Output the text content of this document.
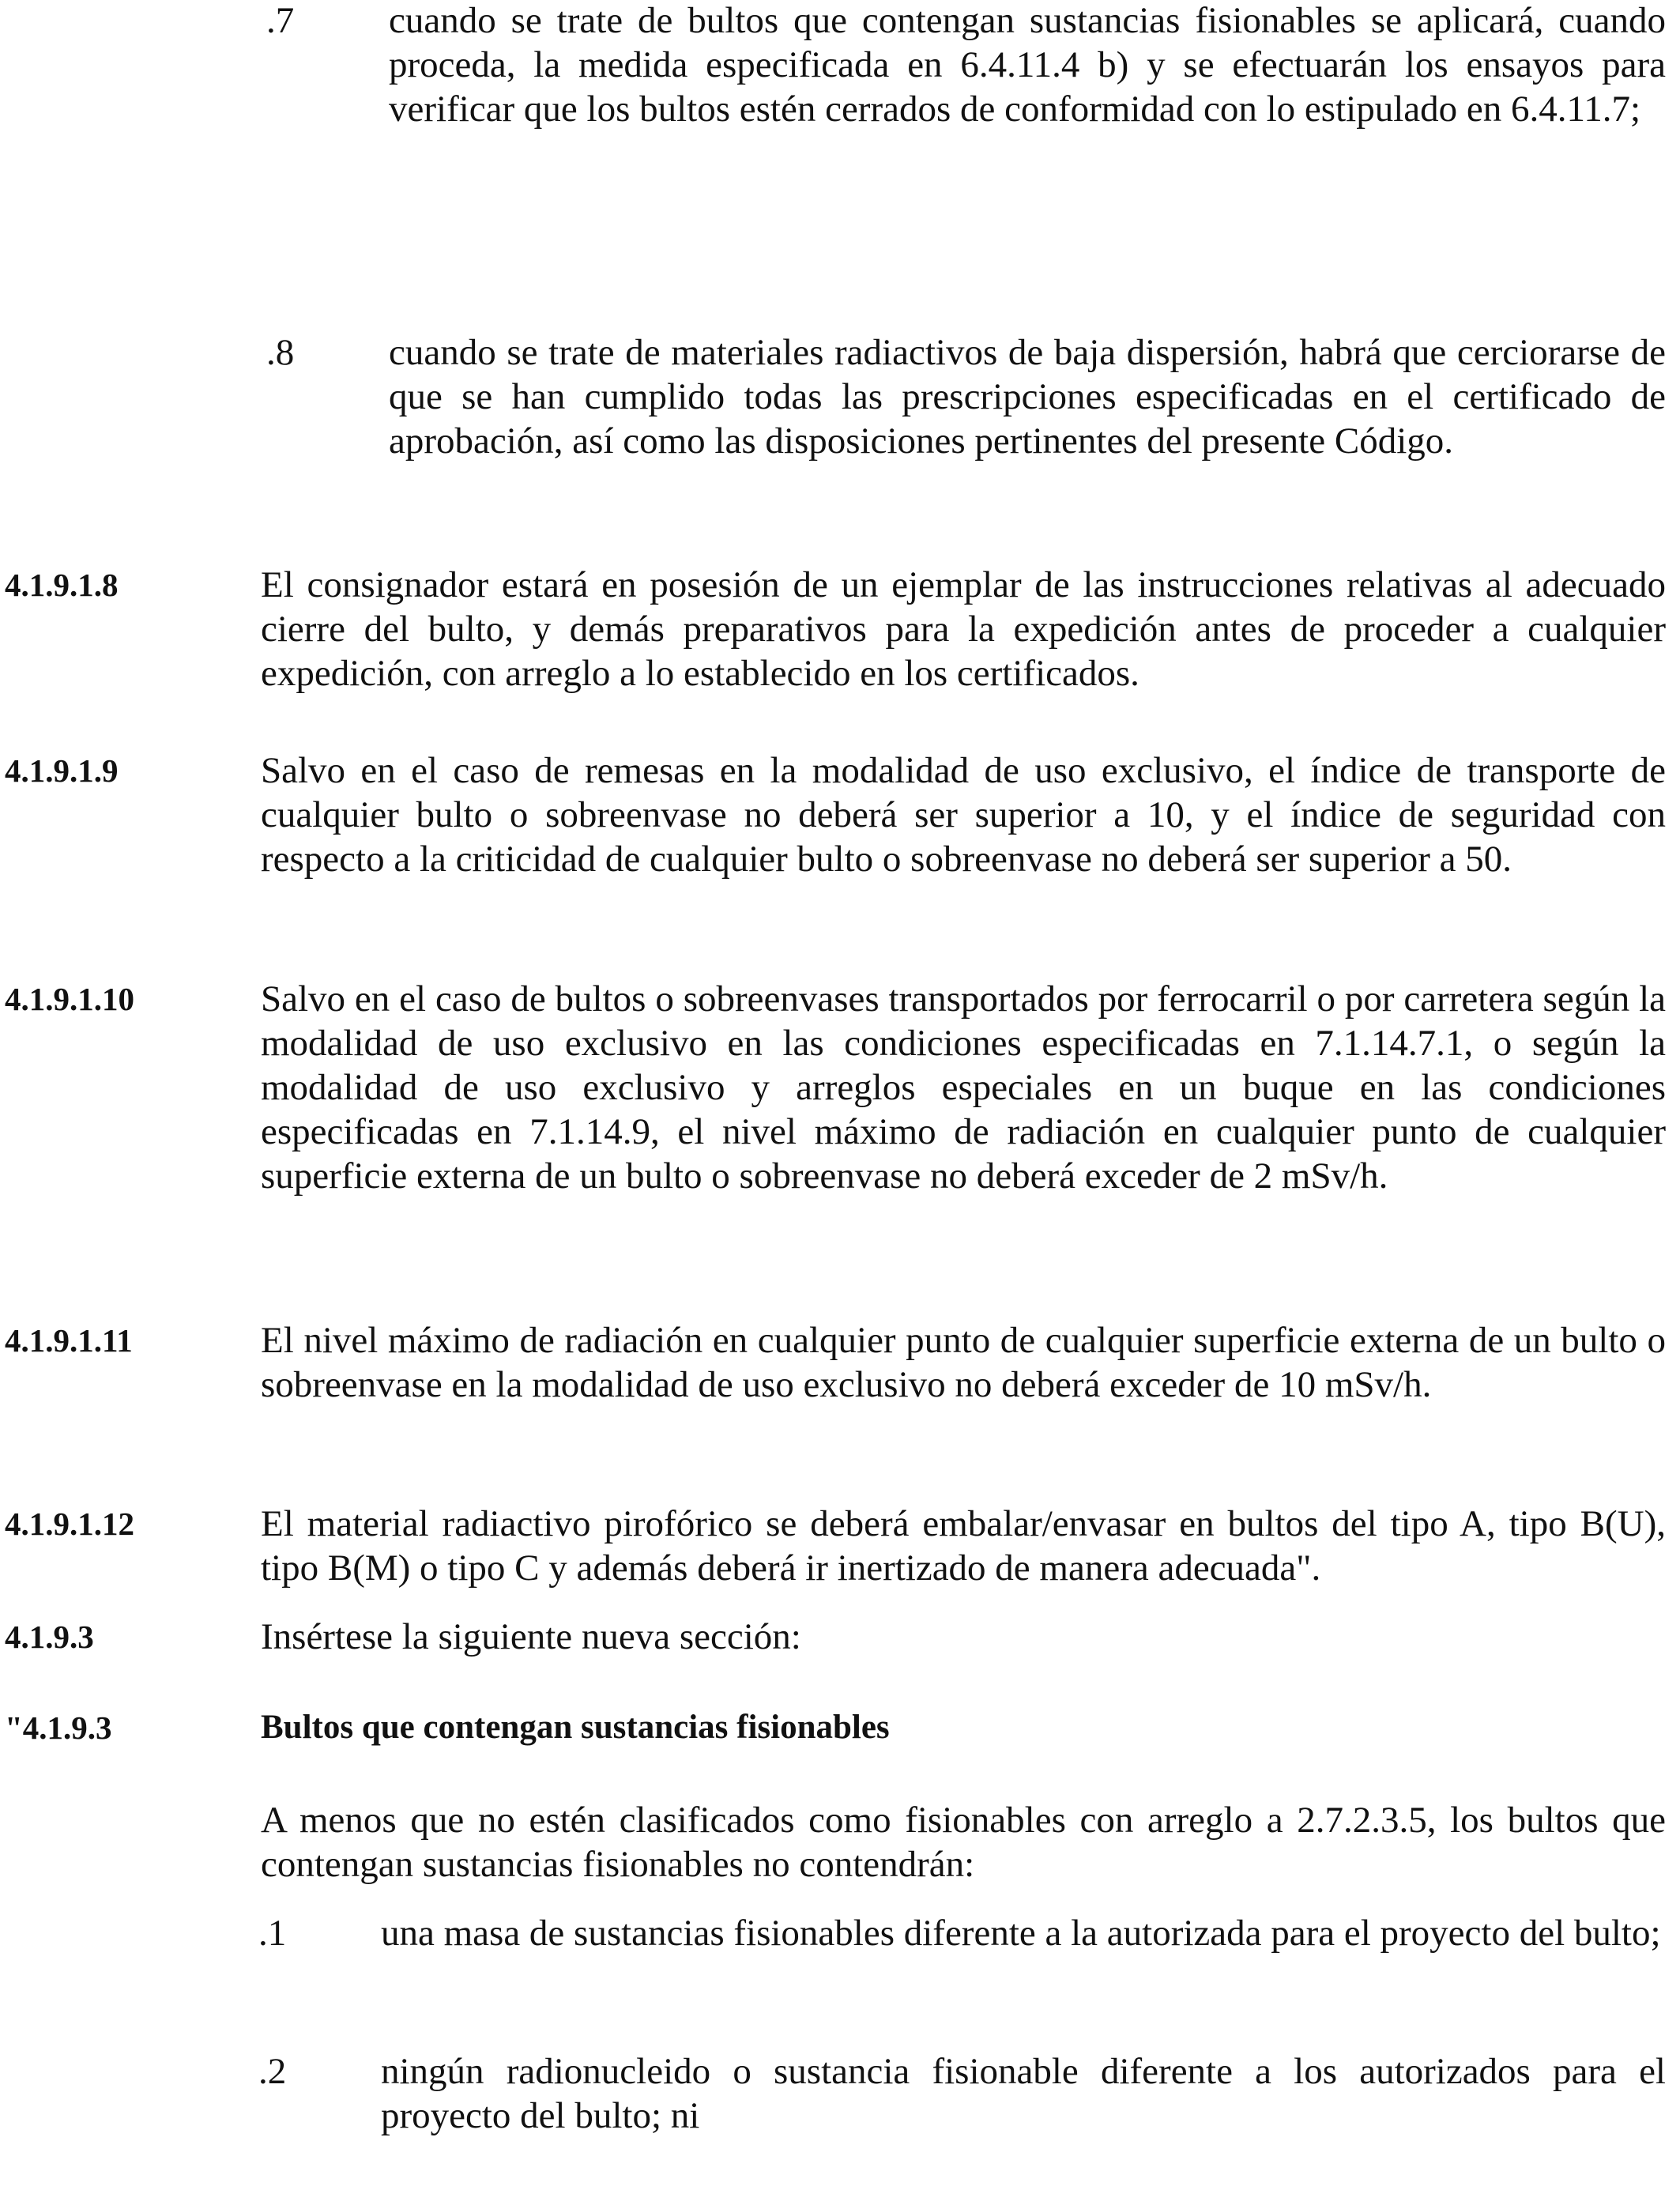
.7	cuando se trate de bultos que contengan sustancias fisionables se aplicará, cuando proceda, la medida especificada en 6.4.11.4 b) y se efectuarán los ensayos para verificar que los bultos estén cerrados de conformidad con lo estipulado en 6.4.11.7;
.8	cuando se trate de materiales radiactivos de baja dispersión, habrá que cerciorarse de que se han cumplido todas las prescripciones especificadas en el certificado de aprobación, así como las disposiciones pertinentes del presente Código.
4.1.9.1.8	El consignador estará en posesión de un ejemplar de las instrucciones relativas al adecuado cierre del bulto, y demás preparativos para la expedición antes de proceder a cualquier expedición, con arreglo a lo establecido en los certificados.
4.1.9.1.9	Salvo en el caso de remesas en la modalidad de uso exclusivo, el índice de transporte de cualquier bulto o sobreenvase no deberá ser superior a 10, y el índice de seguridad con respecto a la criticidad de cualquier bulto o sobreenvase no deberá ser superior a 50.
4.1.9.1.10	Salvo en el caso de bultos o sobreenvases transportados por ferrocarril o por carretera según la modalidad de uso exclusivo en las condiciones especificadas en 7.1.14.7.1, o según la modalidad de uso exclusivo y arreglos especiales en un buque en las condiciones especificadas en 7.1.14.9, el nivel máximo de radiación en cualquier punto de cualquier superficie externa de un bulto o sobreenvase no deberá exceder de 2 mSv/h.
4.1.9.1.11	El nivel máximo de radiación en cualquier punto de cualquier superficie externa de un bulto o sobreenvase en la modalidad de uso exclusivo no deberá exceder de 10 mSv/h.
4.1.9.1.12	El material radiactivo pirofórico se deberá embalar/envasar en bultos del tipo A, tipo B(U), tipo B(M) o tipo C y además deberá ir inertizado de manera adecuada".
4.1.9.3	Insértese la siguiente nueva sección:
"4.1.9.3	Bultos que contengan sustancias fisionables
A menos que no estén clasificados como fisionables con arreglo a 2.7.2.3.5, los bultos que contengan sustancias fisionables no contendrán:
.1	una masa de sustancias fisionables diferente a la autorizada para el proyecto del bulto;
.2	ningún radionucleido o sustancia fisionable diferente a los autorizados para el proyecto del bulto; ni
